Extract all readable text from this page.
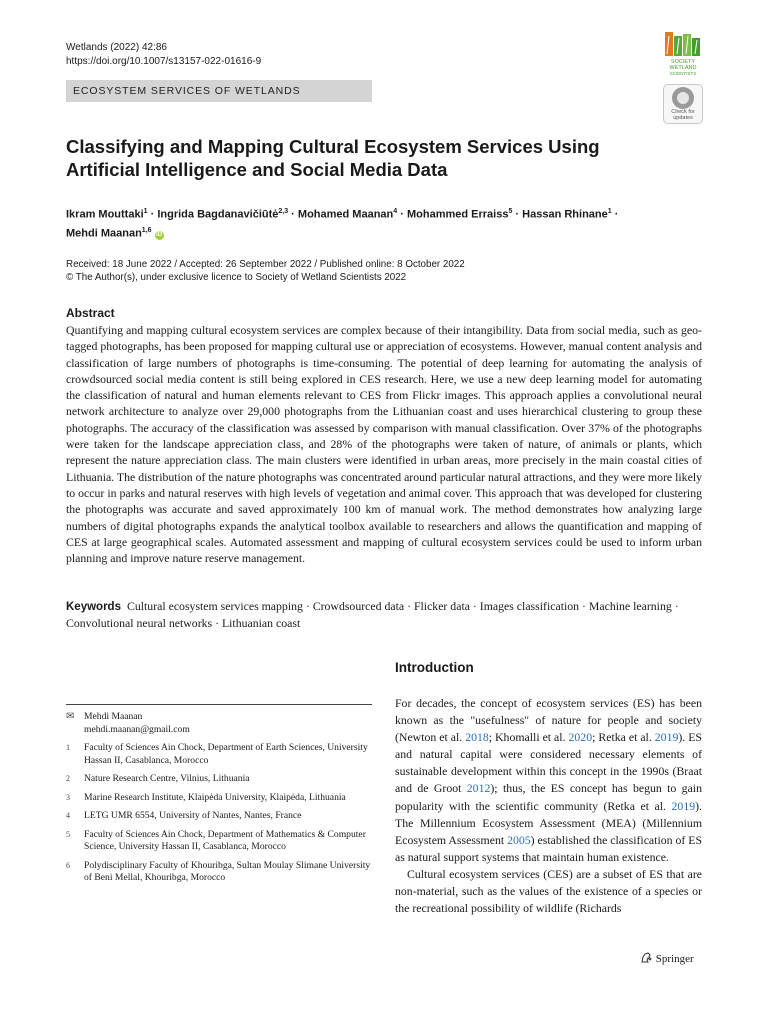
Wetlands (2022) 42:86
https://doi.org/10.1007/s13157-022-01616-9
ECOSYSTEM SERVICES OF WETLANDS
SOCIETY
WETLAND
SCIENTISTS
Check for
updates
Classifying and Mapping Cultural Ecosystem Services Using Artificial Intelligence and Social Media Data
Ikram Mouttaki$^1$ · Ingrida Bagdanavičiūtė$^{2,3}$ · Mohamed Maanan$^4$ · Mohammed Erraiss$^5$ · Hassan Rhinane$^1$ ·
Mehdi Maanan$^{1,6}$ iD
Received: 18 June 2022 / Accepted: 26 September 2022 / Published online: 8 October 2022
© The Author(s), under exclusive licence to Society of Wetland Scientists 2022
Abstract

Quantifying and mapping cultural ecosystem services are complex because of their intangibility. Data from social media, such as geo-tagged photographs, has been proposed for mapping cultural use or appreciation of ecosystems. However, manual content analysis and classification of large numbers of photographs is time-consuming. The potential of deep learning for automating the analysis of crowdsourced social media content is still being explored in CES research. Here, we use a new deep learning model for automating the classification of natural and human elements relevant to CES from Flickr images. This approach applies a convolutional neural network architecture to analyze over 29,000 photographs from the Lithuanian coast and uses hierarchical clustering to group these photographs. The accuracy of the classification was assessed by comparison with manual classification. Over 37% of the photographs were taken for the landscape appreciation class, and 28% of the photographs were taken of nature, of animals or plants, which represent the nature appreciation class. The main clusters were identified in urban areas, more precisely in the main coastal cities of Lithuania. The distribution of the nature photographs was concentrated around particular natural attractions, and they were more likely to occur in parks and natural reserves with high levels of vegetation and animal cover. This approach that was developed for clustering the photographs was accurate and saved approximately 100 km of manual work. The method demonstrates how analyzing large numbers of digital photographs expands the analytical toolbox available to researchers and allows the quantification and mapping of CES at large geographical scales. Automated assessment and mapping of cultural ecosystem services could be used to inform urban planning and improve nature reserve management.

Keywords Cultural ecosystem services mapping · Crowdsourced data · Flicker data · Images classification · Machine learning · Convolutional neural networks · Lithuanian coast
Introduction

For decades, the concept of ecosystem services (ES) has been known as the "usefulness" of nature for people and society (Newton et al. 2018; Khomalli et al. 2020; Retka et al. 2019). ES and natural capital were considered necessary elements of sustainable development within this concept in the 1990s (Braat and de Groot 2012); thus, the ES concept has begun to gain popularity with the scientific community (Retka et al. 2019). The Millennium Ecosystem Assessment (MEA) (Millennium Ecosystem Assessment 2005) established the classification of ES as natural support systems that maintain human existence.

Cultural ecosystem services (CES) are a subset of ES that are non-material, such as the values of the existence of a species or the recreational possibility of wildlife (Richards

✉	Mehdi Maanan
mehdi.maanan@gmail.com
1	Faculty of Sciences Ain Chock, Department of Earth Sciences, University Hassan II, Casablanca, Morocco
2	Nature Research Centre, Vilnius, Lithuania
3	Marine Research Institute, Klaipėda University, Klaipėda, Lithuania
4	LETG UMR 6554, University of Nantes, Nantes, France
5	Faculty of Sciences Ain Chock, Department of Mathematics & Computer Science, University Hassan II, Casablanca, Morocco
6	Polydisciplinary Faculty of Khouribga, Sultan Moulay Slimane University of Beni Mellal, Khouribga, Morocco
Springer
